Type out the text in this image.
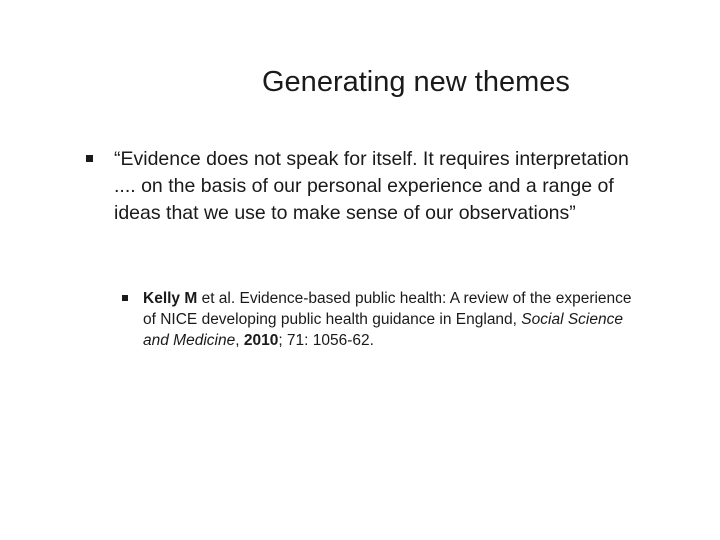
Generating new themes
“Evidence does not speak for itself. It requires interpretation .... on the basis of our personal experience and a range of ideas that we use to make sense of our observations”
Kelly M et al. Evidence-based public health: A review of the experience of NICE developing public health guidance in England, Social Science and Medicine, 2010; 71: 1056-62.
